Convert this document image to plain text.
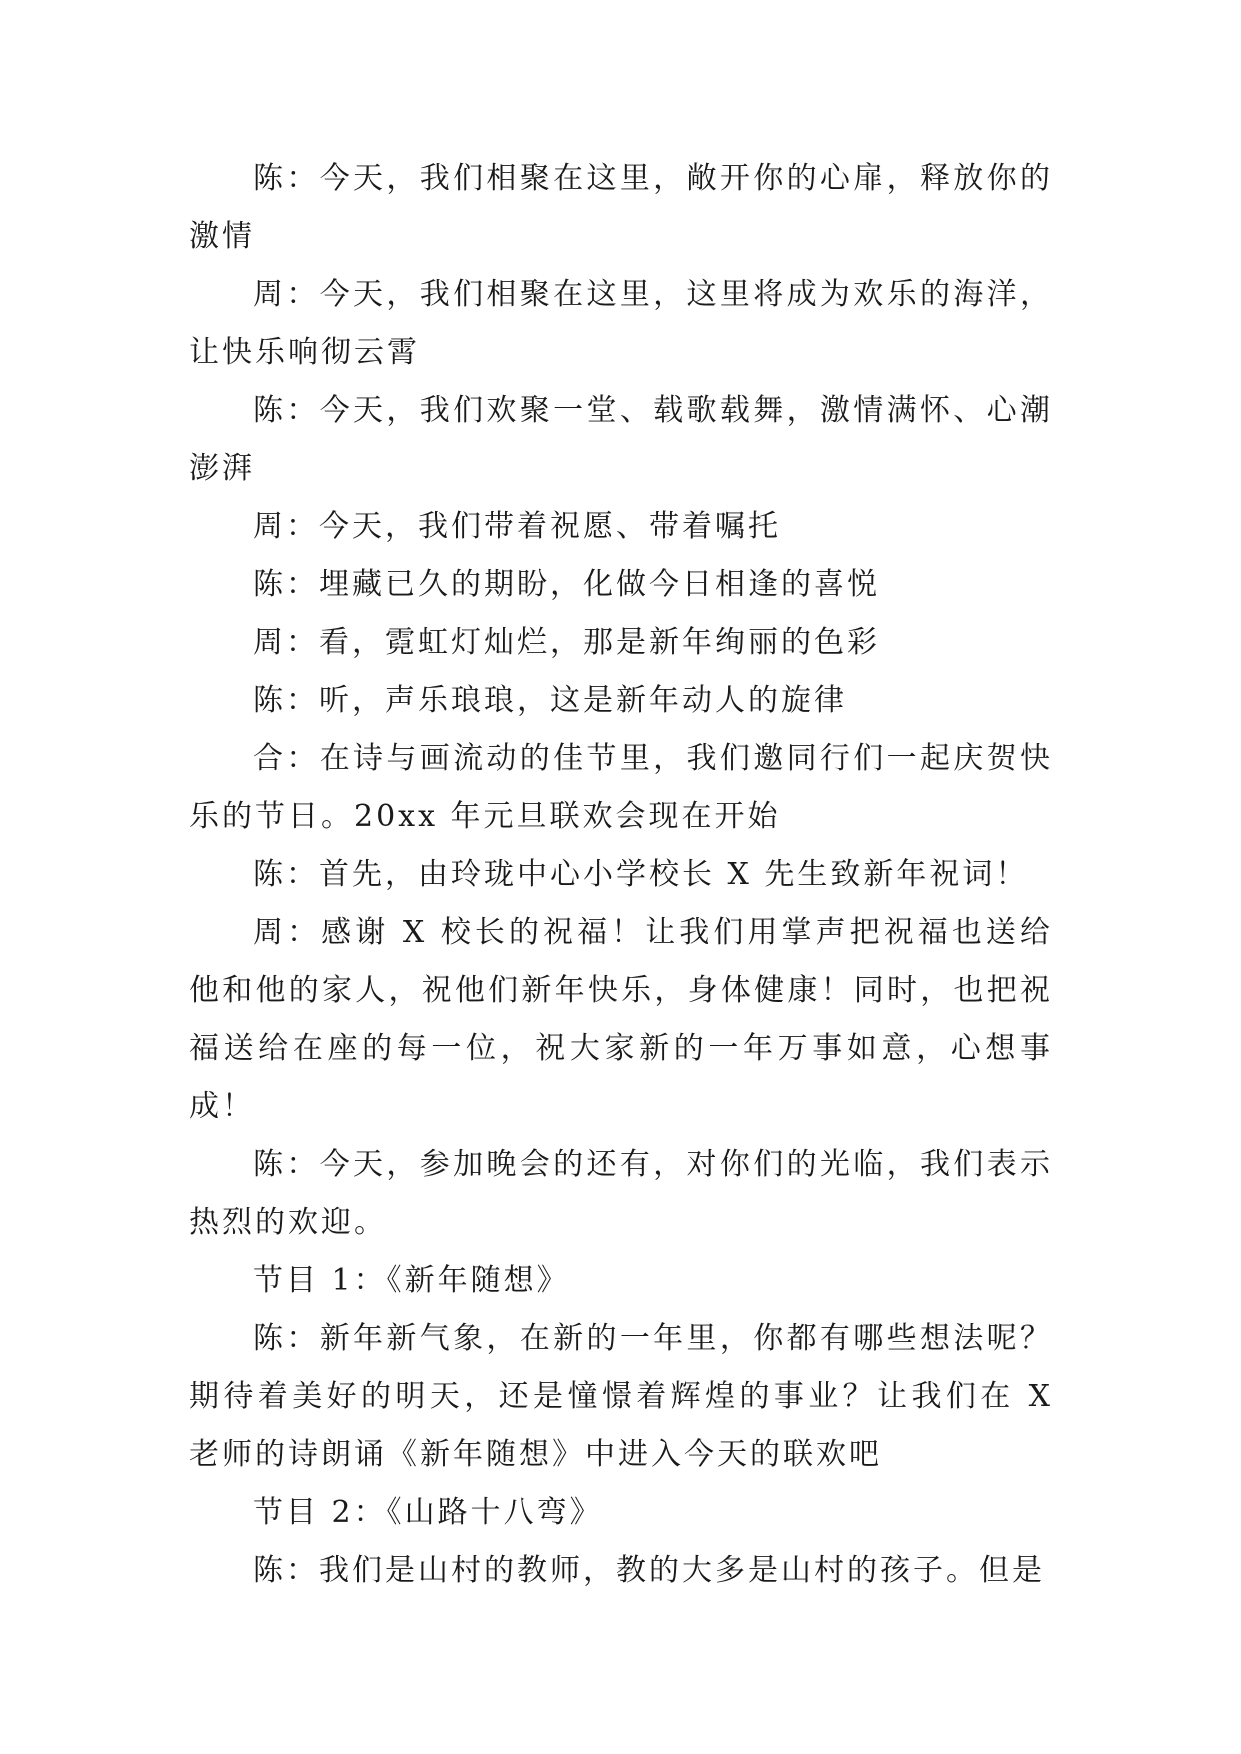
陈：今天，我们相聚在这里，敞开你的心扉，释放你的激情

周：今天，我们相聚在这里，这里将成为欢乐的海洋，让快乐响彻云霄

陈：今天，我们欢聚一堂、载歌载舞，激情满怀、心潮澎湃

周：今天，我们带着祝愿、带着嘱托

陈：埋藏已久的期盼，化做今日相逢的喜悦

周：看，霓虹灯灿烂，那是新年绚丽的色彩

陈：听，声乐琅琅，这是新年动人的旋律

合：在诗与画流动的佳节里，我们邀同行们一起庆贺快乐的节日。20xx 年元旦联欢会现在开始

陈：首先，由玲珑中心小学校长 X 先生致新年祝词！

周：感谢 X 校长的祝福！让我们用掌声把祝福也送给他和他的家人，祝他们新年快乐，身体健康！同时，也把祝福送给在座的每一位，祝大家新的一年万事如意，心想事成！

陈：今天，参加晚会的还有，对你们的光临，我们表示热烈的欢迎。

节目 1：《新年随想》

陈：新年新气象，在新的一年里，你都有哪些想法呢？期待着美好的明天，还是憧憬着辉煌的事业？让我们在 X 老师的诗朗诵《新年随想》中进入今天的联欢吧

节目 2：《山路十八弯》

陈：我们是山村的教师，教的大多是山村的孩子。但是
